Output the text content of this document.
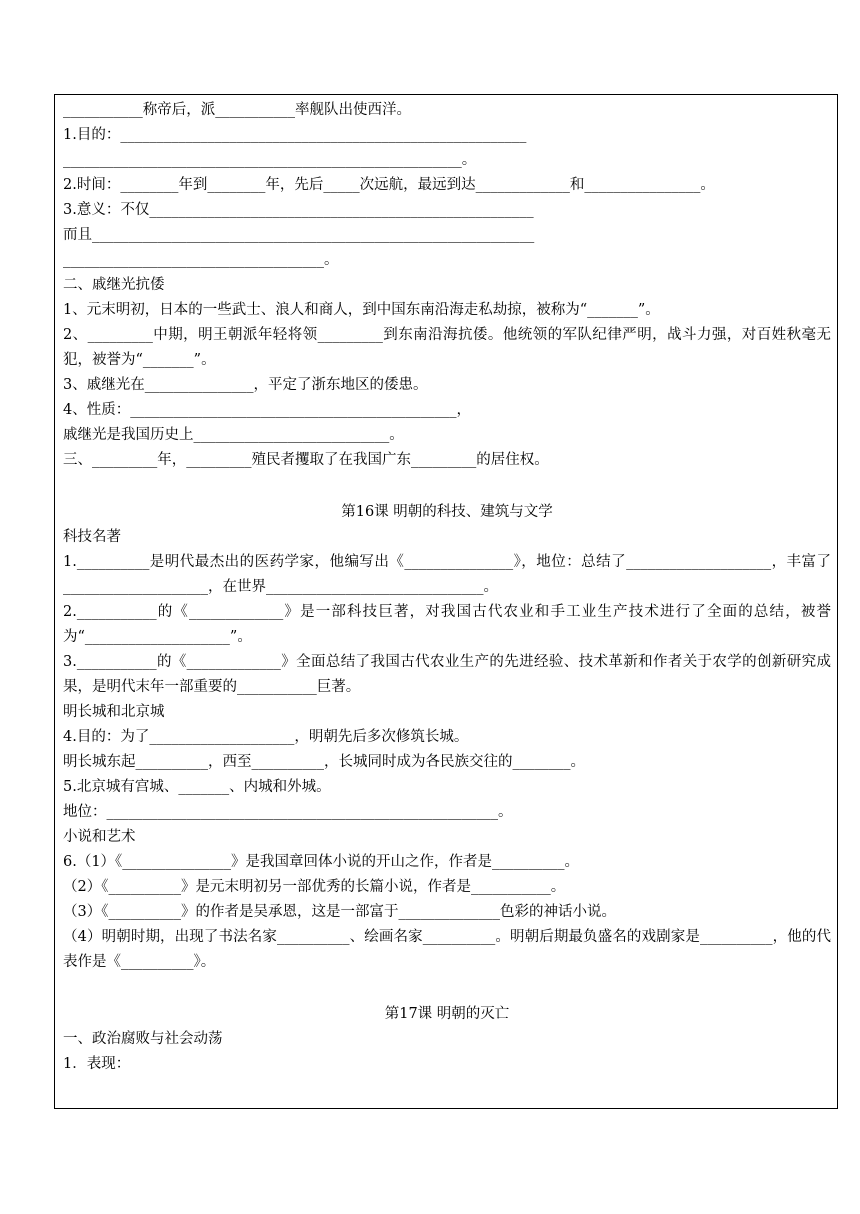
___________称帝后，派___________率舰队出使西洋。
1.目的：________________________________________________________
_______________________________________________________。
2.时间：________年到________年，先后_____次远航，最远到达_____________和________________。
3.意义：不仅_____________________________________________________
而且_____________________________________________________________
____________________________________。
二、戚继光抗倭
1、元末明初，日本的一些武士、浪人和商人，到中国东南沿海走私劫掠，被称为“_______”。
2、_________中期，明王朝派年轻将领_________到东南沿海抗倭。他统领的军队纪律严明，战斗力强，对百姓秋毫无犯，被誉为“_______”。
3、戚继光在_______________，平定了浙东地区的倭患。
4、性质：_____________________________________________，
戚继光是我国历史上___________________________。
三、_________年，_________殖民者攫取了在我国广东_________的居住权。
第16课 明朝的科技、建筑与文学
科技名著
1.__________是明代最杰出的医药学家，他编写出《_______________》，地位：总结了____________________，丰富了____________________，在世界______________________________。
2.___________的《_____________》是一部科技巨著，对我国古代农业和手工业生产技术进行了全面的总结，被誉为“____________________”。
3.___________的《_____________》全面总结了我国古代农业生产的先进经验、技术革新和作者关于农学的创新研究成果，是明代末年一部重要的___________巨著。
明长城和北京城
4.目的：为了____________________，明朝先后多次修筑长城。
明长城东起__________，西至__________，长城同时成为各民族交往的________。
5.北京城有宫城、_______、内城和外城。
地位：______________________________________________________。
小说和艺术
6.（1）《_______________》是我国章回体小说的开山之作，作者是__________。
（2）《__________》是元末明初另一部优秀的长篇小说，作者是___________。
（3）《__________》的作者是吴承恩，这是一部富于______________色彩的神话小说。
（4）明朝时期，出现了书法名家__________、绘画名家__________。明朝后期最负盛名的戏剧家是__________，他的代表作是《__________》。
第17课 明朝的灭亡
一、政治腐败与社会动荡
1．表现：
